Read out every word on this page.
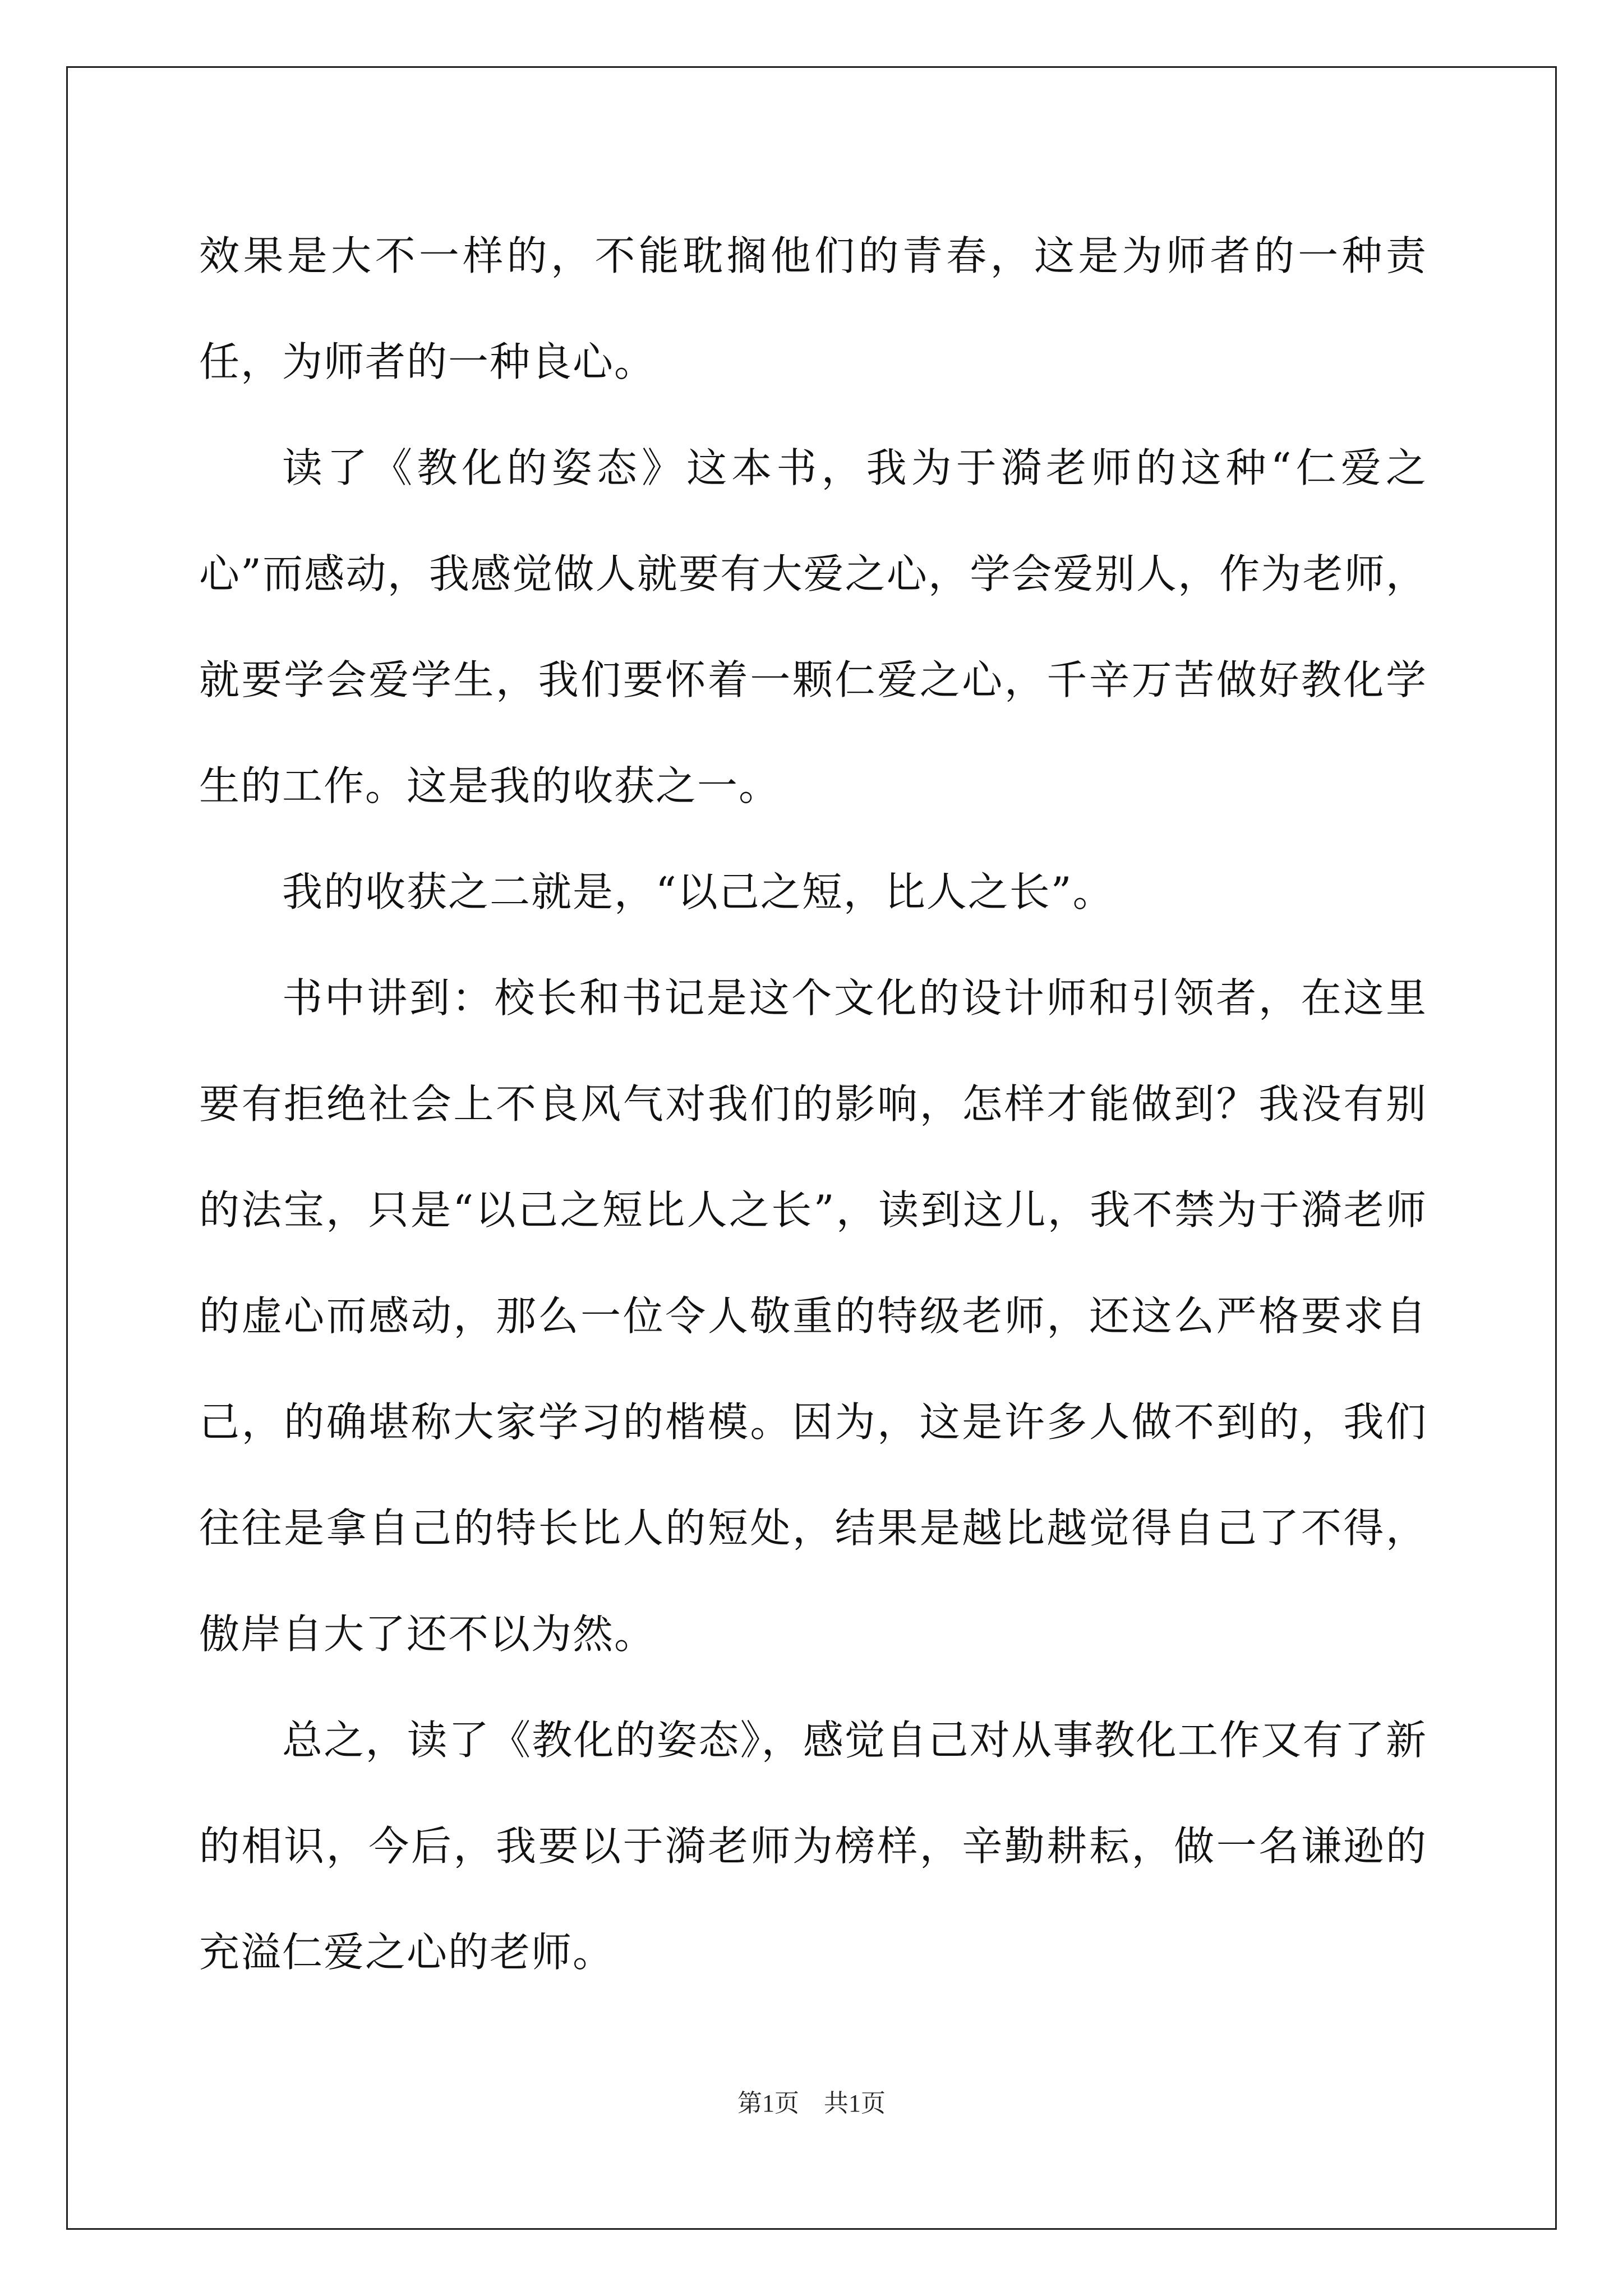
效果是大不一样的，不能耽搁他们的青春，这是为师者的一种责任，为师者的一种良心。

读了《教化的姿态》这本书，我为于漪老师的这种“仁爱之心”而感动，我感觉做人就要有大爱之心，学会爱别人，作为老师，就要学会爱学生，我们要怀着一颗仁爱之心，千辛万苦做好教化学生的工作。这是我的收获之一。

我的收获之二就是，“以己之短，比人之长”。

书中讲到：校长和书记是这个文化的设计师和引领者，在这里要有拒绝社会上不良风气对我们的影响，怎样才能做到？我没有别的法宝，只是“以己之短比人之长”，读到这儿，我不禁为于漪老师的虚心而感动，那么一位令人敬重的特级老师，还这么严格要求自己，的确堪称大家学习的楷模。因为，这是许多人做不到的，我们往往是拿自己的特长比人的短处，结果是越比越觉得自己了不得，傲岸自大了还不以为然。

总之，读了《教化的姿态》，感觉自己对从事教化工作又有了新的相识，今后，我要以于漪老师为榜样，辛勤耕耘，做一名谦逊的充溢仁爱之心的老师。

第1页 共1页
